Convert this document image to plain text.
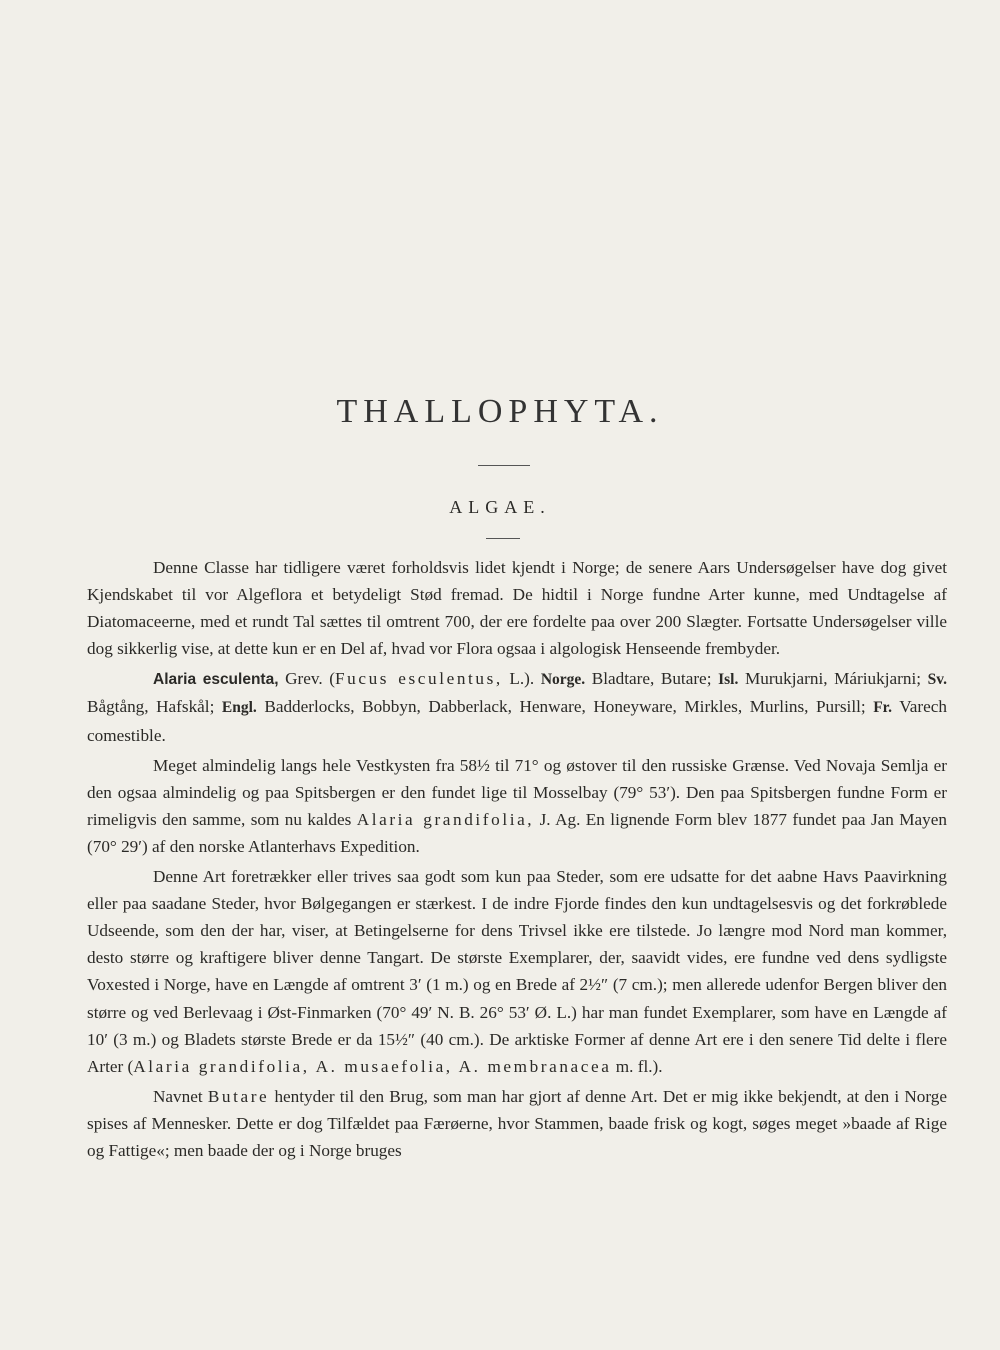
THALLOPHYTA.
ALGAE.

Denne Classe har tidligere været forholdsvis lidet kjendt i Norge; de senere Aars Undersøgelser have dog givet Kjendskabet til vor Algeflora et betydeligt Stød fremad. De hidtil i Norge fundne Arter kunne, med Undtagelse af Diatomaceerne, med et rundt Tal sættes til omtrent 700, der ere fordelte paa over 200 Slægter. Fortsatte Undersøgelser ville dog sikkerlig vise, at dette kun er en Del af, hvad vor Flora ogsaa i algologisk Henseende frembyder.

Alaria esculenta, Grev. (Fucus esculentus, L.). Norge. Bladtare, Butare; Isl. Murukjarni, Máriukjarni; Sv. Bågtång, Hafskål; Engl. Badderlocks, Bobbyn, Dabberlack, Henware, Honeyware, Mirkles, Murlins, Pursill; Fr. Varech comestible.

Meget almindelig langs hele Vestkysten fra 58½ til 71° og østover til den russiske Grænse. Ved Novaja Semlja er den ogsaa almindelig og paa Spitsbergen er den fundet lige til Mosselbay (79° 53′). Den paa Spitsbergen fundne Form er rimeligvis den samme, som nu kaldes Alaria grandifolia, J. Ag. En lignende Form blev 1877 fundet paa Jan Mayen (70° 29′) af den norske Atlanterhavs Expedition.

Denne Art foretrækker eller trives saa godt som kun paa Steder, som ere udsatte for det aabne Havs Paavirkning eller paa saadane Steder, hvor Bølgegangen er stærkest. I de indre Fjorde findes den kun undtagelsesvis og det forkrøblede Udseende, som den der har, viser, at Betingelserne for dens Trivsel ikke ere tilstede. Jo længre mod Nord man kommer, desto større og kraftigere bliver denne Tangart. De største Exemplarer, der, saavidt vides, ere fundne ved dens sydligste Voxested i Norge, have en Længde af omtrent 3′ (1 m.) og en Brede af 2½″ (7 cm.); men allerede udenfor Bergen bliver den større og ved Berlevaag i Øst-Finmarken (70° 49′ N. B. 26° 53′ Ø. L.) har man fundet Exemplarer, som have en Længde af 10′ (3 m.) og Bladets største Brede er da 15½″ (40 cm.). De arktiske Former af denne Art ere i den senere Tid delte i flere Arter (Alaria grandifolia, A. musaefolia, A. membranacea m. fl.).

Navnet Butare hentyder til den Brug, som man har gjort af denne Art. Det er mig ikke bekjendt, at den i Norge spises af Mennesker. Dette er dog Tilfældet paa Færøerne, hvor Stammen, baade frisk og kogt, søges meget »baade af Rige og Fattige«; men baade der og i Norge bruges
